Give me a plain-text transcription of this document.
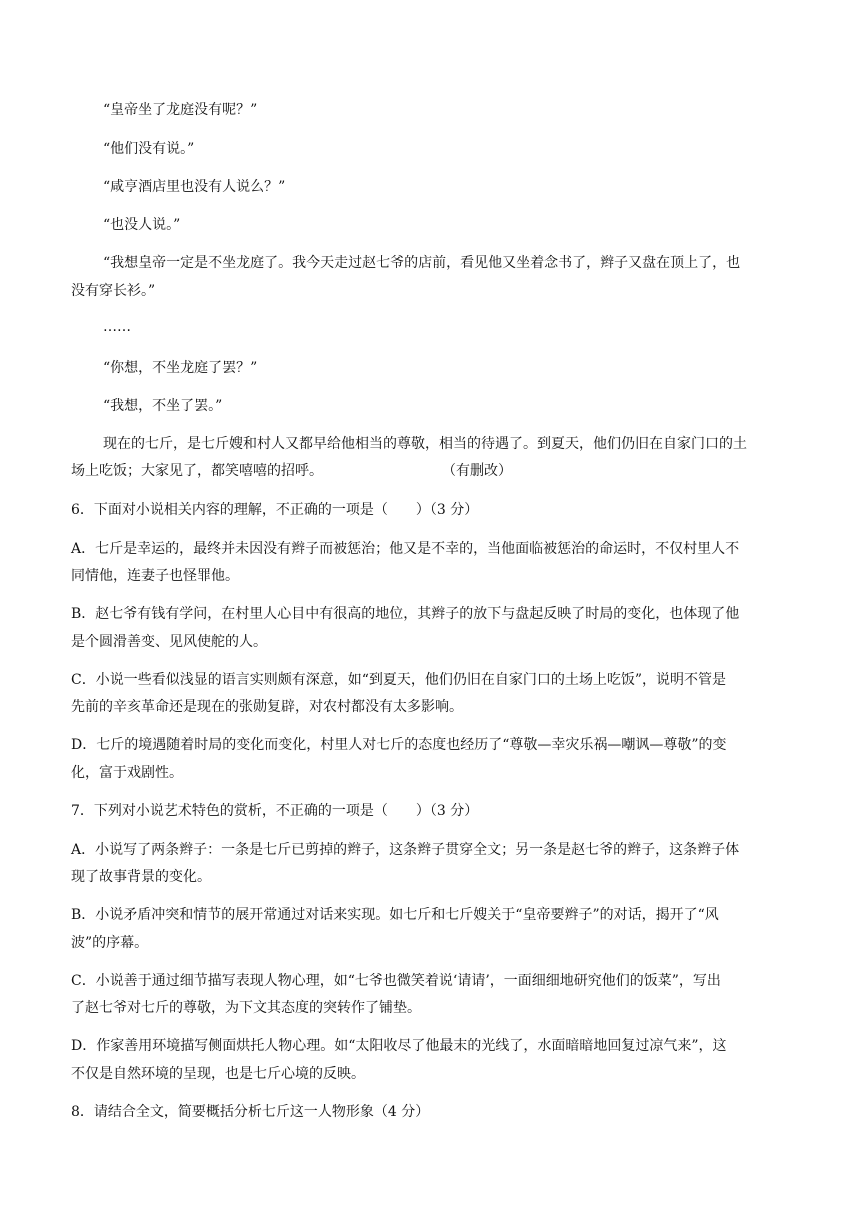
“皇帝坐了龙庭没有呢？”
“他们没有说。”
“咸亨酒店里也没有人说么？”
“也没人说。”
“我想皇帝一定是不坐龙庭了。我今天走过赵七爷的店前，看见他又坐着念书了，辫子又盘在顶上了，也
没有穿长衫。”
……
“你想，不坐龙庭了罢？”
“我想，不坐了罢。”
现在的七斤，是七斤嫂和村人又都早给他相当的尊敬，相当的待遇了。到夏天，他们仍旧在自家门口的土
场上吃饭；大家见了，都笑嘻嘻的招呼。	（有删改）
6．下面对小说相关内容的理解，不正确的一项是（　　）（3 分）
A．七斤是幸运的，最终并未因没有辫子而被惩治；他又是不幸的，当他面临被惩治的命运时，不仅村里人不
同情他，连妻子也怪罪他。
B．赵七爷有钱有学问，在村里人心目中有很高的地位，其辫子的放下与盘起反映了时局的变化，也体现了他
是个圆滑善变、见风使舵的人。
C．小说一些看似浅显的语言实则颇有深意，如“到夏天，他们仍旧在自家门口的土场上吃饭”，说明不管是
先前的辛亥革命还是现在的张勋复辟，对农村都没有太多影响。
D．七斤的境遇随着时局的变化而变化，村里人对七斤的态度也经历了“尊敬—幸灾乐祸—嘲讽—尊敬”的变
化，富于戏剧性。
7．下列对小说艺术特色的赏析，不正确的一项是（　　）（3 分）
A．小说写了两条辫子：一条是七斤已剪掉的辫子，这条辫子贯穿全文；另一条是赵七爷的辫子，这条辫子体
现了故事背景的变化。
B．小说矛盾冲突和情节的展开常通过对话来实现。如七斤和七斤嫂关于“皇帝要辫子”的对话，揭开了“风
波”的序幕。
C．小说善于通过细节描写表现人物心理，如“七爷也微笑着说‘请请’，一面细细地研究他们的饭菜”，写出
了赵七爷对七斤的尊敬，为下文其态度的突转作了铺垫。
D．作家善用环境描写侧面烘托人物心理。如“太阳收尽了他最末的光线了，水面暗暗地回复过凉气来”，这
不仅是自然环境的呈现，也是七斤心境的反映。
8．请结合全文，简要概括分析七斤这一人物形象（4 分）
